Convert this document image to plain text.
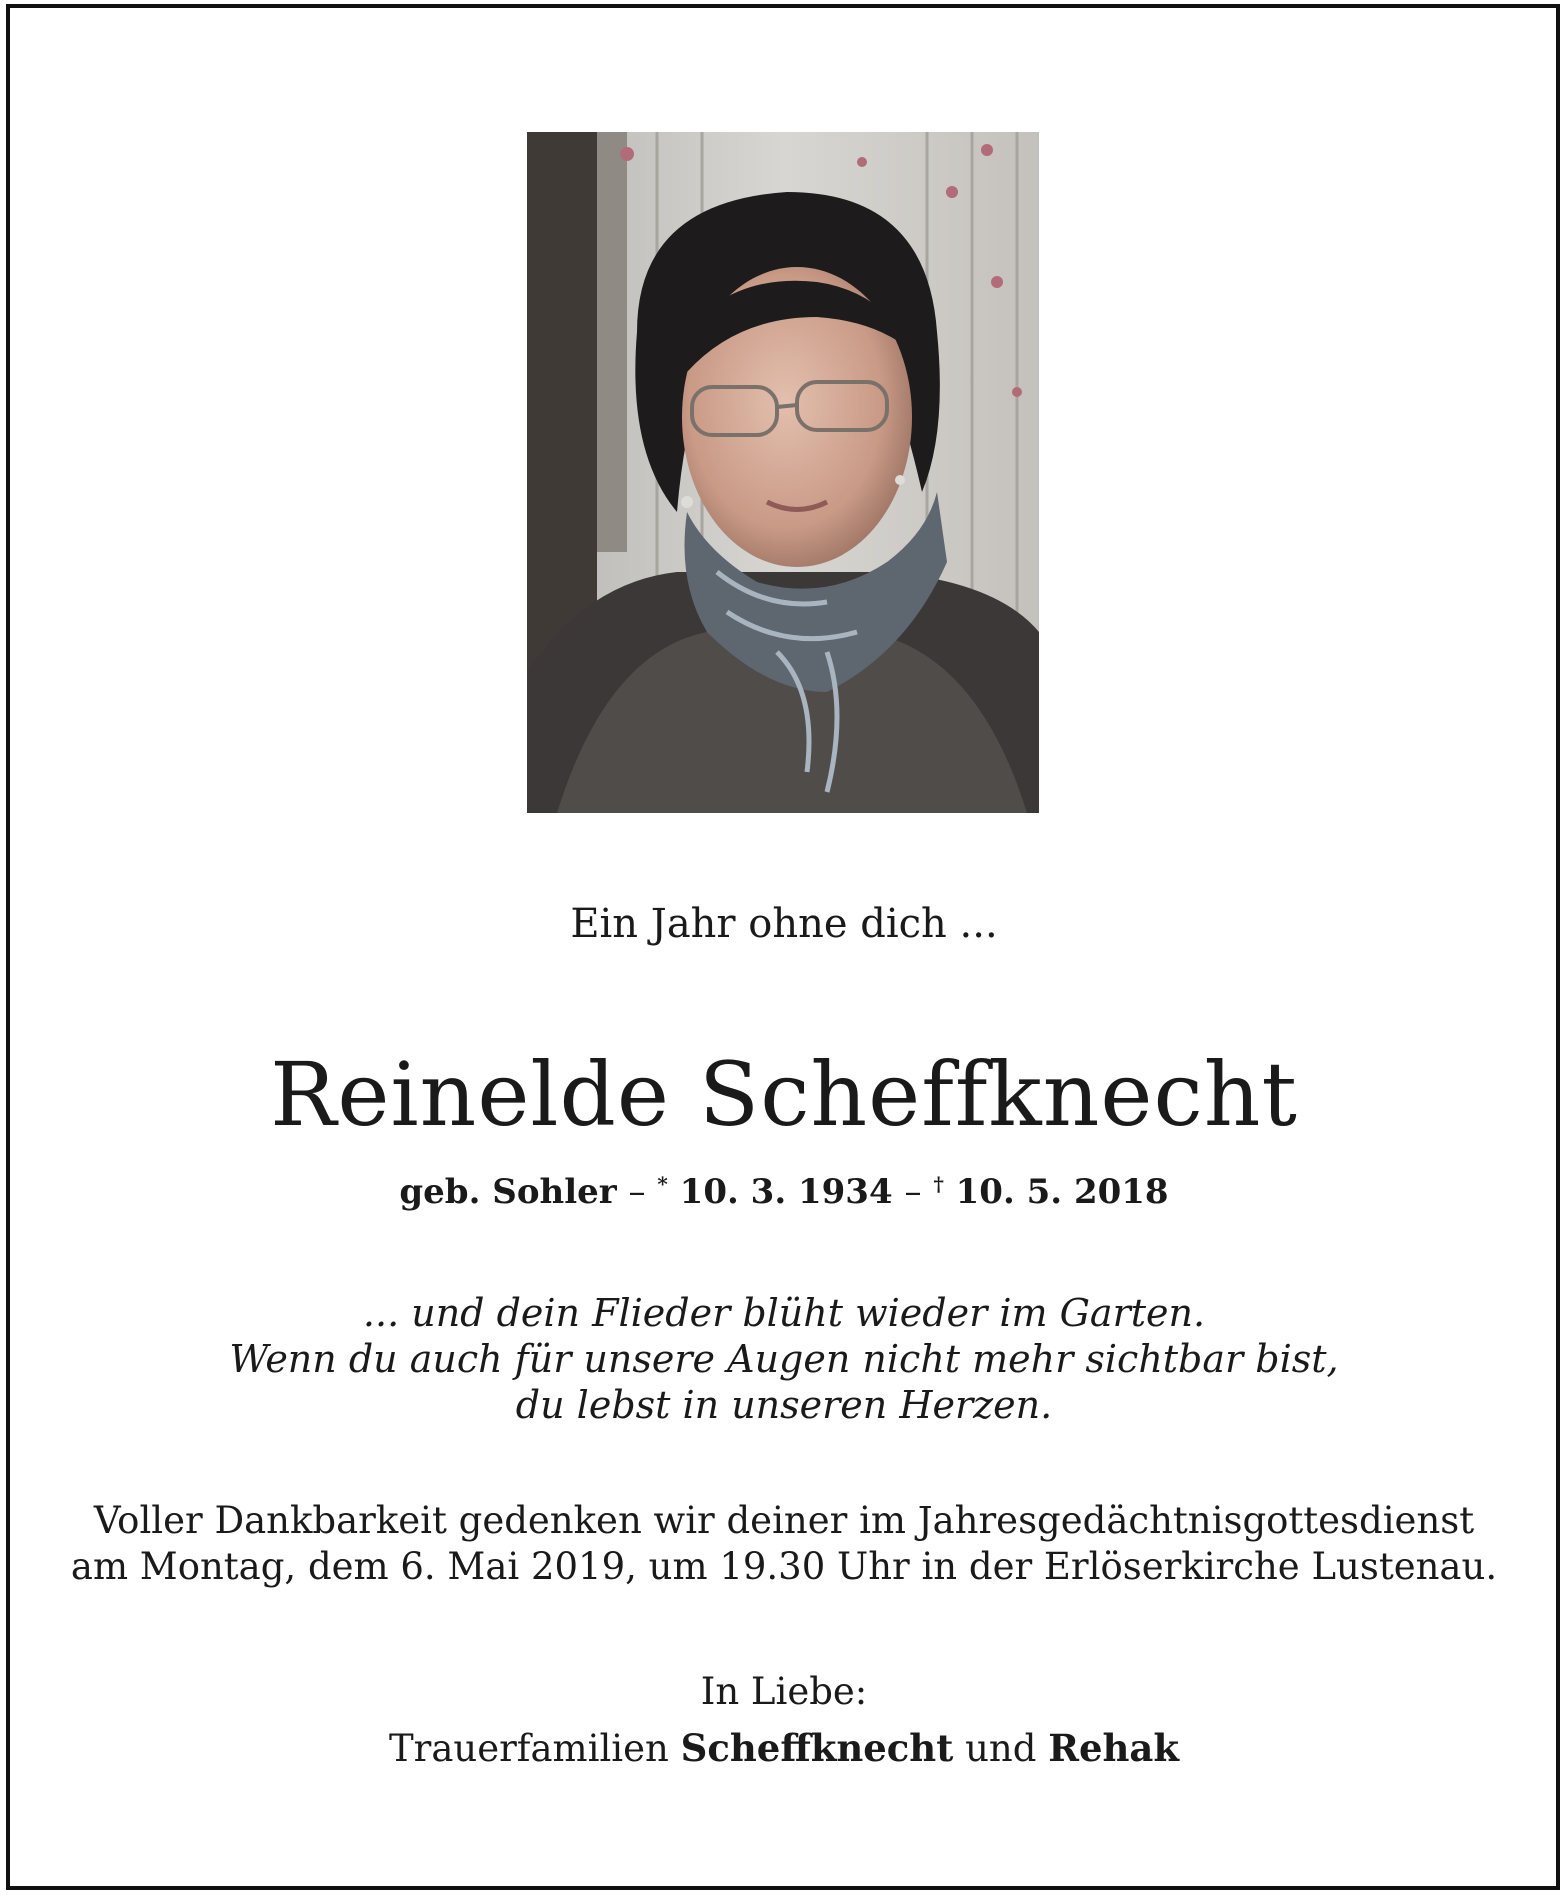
Ein Jahr ohne dich ...
Reinelde Scheffknecht
geb. Sohler – * 10. 3. 1934 – † 10. 5. 2018
... und dein Flieder blüht wieder im Garten.
Wenn du auch für unsere Augen nicht mehr sichtbar bist,
du lebst in unseren Herzen.
Voller Dankbarkeit gedenken wir deiner im Jahresgedächtnisgottesdienst
am Montag, dem 6. Mai 2019, um 19.30 Uhr in der Erlöserkirche Lustenau.
In Liebe:
Trauerfamilien Scheffknecht und Rehak
